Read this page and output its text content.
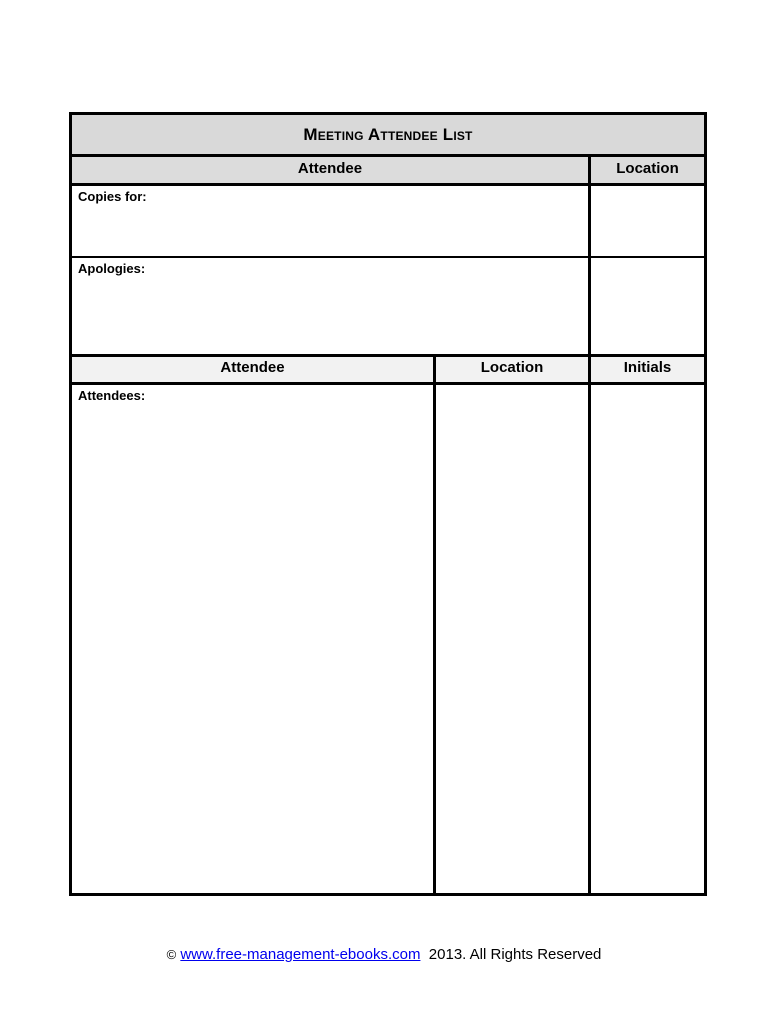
Meeting Attendee List
Attendee	Location
Copies for:
Apologies:
Attendee	Location	Initials
Attendees:
© www.free-management-ebooks.com 2013. All Rights Reserved
